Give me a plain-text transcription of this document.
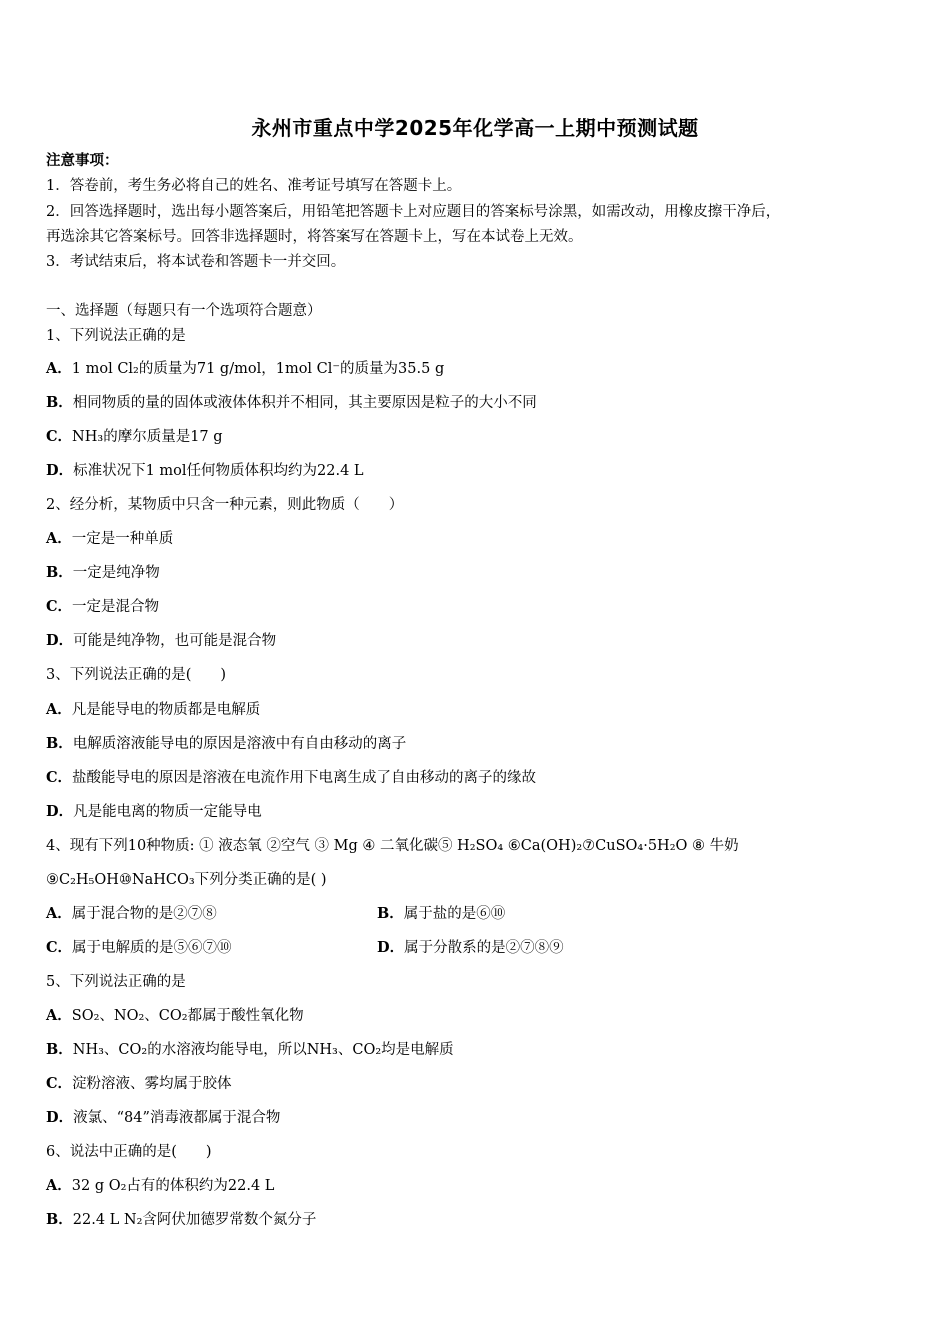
永州市重点中学2025年化学高一上期中预测试题
注意事项：
1．答卷前，考生务必将自己的姓名、准考证号填写在答题卡上。
2．回答选择题时，选出每小题答案后，用铅笔把答题卡上对应题目的答案标号涂黑，如需改动，用橡皮擦干净后，
再选涂其它答案标号。回答非选择题时，将答案写在答题卡上，写在本试卷上无效。
3．考试结束后，将本试卷和答题卡一并交回。
一、选择题（每题只有一个选项符合题意）
1、下列说法正确的是
A．1 mol Cl₂的质量为71 g/mol，1mol Cl⁻的质量为35.5 g
B．相同物质的量的固体或液体体积并不相同，其主要原因是粒子的大小不同
C．NH₃的摩尔质量是17 g
D．标准状况下1 mol任何物质体积均约为22.4 L
2、经分析，某物质中只含一种元素，则此物质（　　）
A．一定是一种单质
B．一定是纯净物
C．一定是混合物
D．可能是纯净物，也可能是混合物
3、下列说法正确的是(　　)
A．凡是能导电的物质都是电解质
B．电解质溶液能导电的原因是溶液中有自由移动的离子
C．盐酸能导电的原因是溶液在电流作用下电离生成了自由移动的离子的缘故
D．凡是能电离的物质一定能导电
4、现有下列10种物质: ① 液态氧 ②空气 ③ Mg ④ 二氧化碳⑤ H₂SO₄ ⑥Ca(OH)₂⑦CuSO₄·5H₂O ⑧ 牛奶
⑨C₂H₅OH⑩NaHCO₃下列分类正确的是( )
A．属于混合物的是②⑦⑧	B．属于盐的是⑥⑩
C．属于电解质的是⑤⑥⑦⑩	D．属于分散系的是②⑦⑧⑨
5、下列说法正确的是
A．SO₂、NO₂、CO₂都属于酸性氧化物
B．NH₃、CO₂的水溶液均能导电，所以NH₃、CO₂均是电解质
C．淀粉溶液、雾均属于胶体
D．液氯、“84”消毒液都属于混合物
6、说法中正确的是(　　)
A．32 g O₂占有的体积约为22.4 L
B．22.4 L N₂含阿伏加德罗常数个氮分子
